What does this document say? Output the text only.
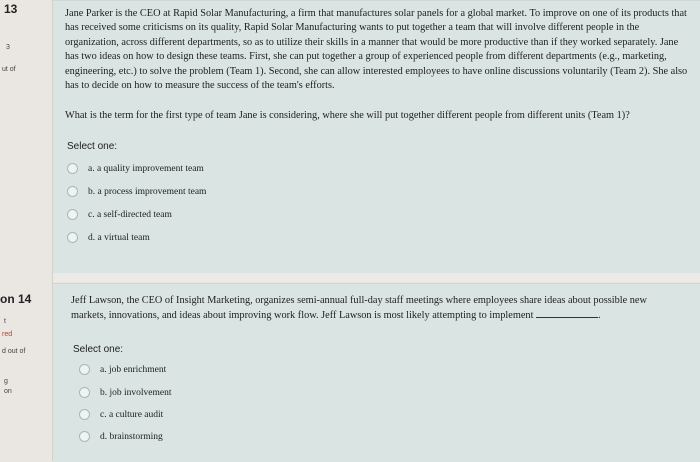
13
3
ut of
on 14
t
red
d out of
g
on
Jane Parker is the CEO at Rapid Solar Manufacturing, a firm that manufactures solar panels for a global market. To improve on one of its products that has received some criticisms on its quality, Rapid Solar Manufacturing wants to put together a team that will involve different people in the organization, across different departments, so as to utilize their skills in a manner that would be more productive than if they worked separately. Jane has two ideas on how to design these teams. First, she can put together a group of experienced people from different departments (e.g., marketing, engineering, etc.) to solve the problem (Team 1). Second, she can allow interested employees to have online discussions voluntarily (Team 2). She also has to decide on how to measure the success of the team's efforts.
What is the term for the first type of team Jane is considering, where she will put together different people from different units (Team 1)?
Select one:
a. a quality improvement team
b. a process improvement team
c. a self-directed team
d. a virtual team
Jeff Lawson, the CEO of Insight Marketing, organizes semi-annual full-day staff meetings where employees share ideas about possible new markets, innovations, and ideas about improving work flow. Jeff Lawson is most likely attempting to implement	.
Select one:
a. job enrichment
b. job involvement
c. a culture audit
d. brainstorming
